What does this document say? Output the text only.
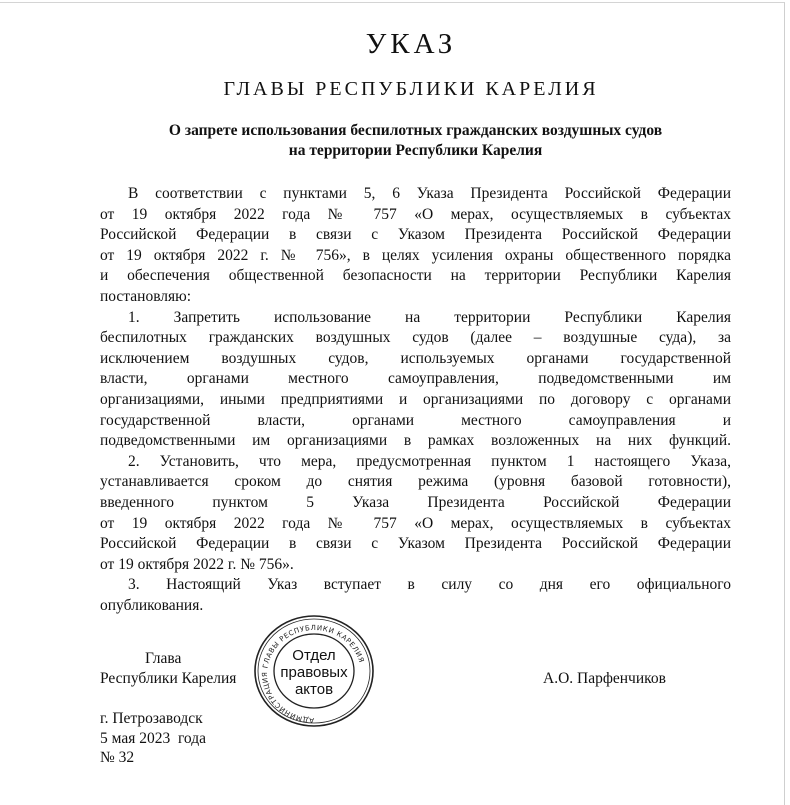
УКАЗ
ГЛАВЫ РЕСПУБЛИКИ КАРЕЛИЯ
О запрете использования беспилотных гражданских воздушных судов
на территории Республики Карелия
В соответствии с пунктами 5, 6 Указа Президента Российской Федерации
от 19 октября 2022 года № 757 «О мерах, осуществляемых в субъектах
Российской Федерации в связи с Указом Президента Российской Федерации
от 19 октября 2022 г. № 756», в целях усиления охраны общественного порядка
и обеспечения общественной безопасности на территории Республики Карелия
постановляю:
1. Запретить использование на территории Республики Карелия
беспилотных гражданских воздушных судов (далее – воздушные суда), за
исключением воздушных судов, используемых органами государственной
власти, органами местного самоуправления, подведомственными им
организациями, иными предприятиями и организациями по договору с органами
государственной власти, органами местного самоуправления и
подведомственными им организациями в рамках возложенных на них функций.
2. Установить, что мера, предусмотренная пунктом 1 настоящего Указа,
устанавливается сроком до снятия режима (уровня базовой готовности),
введенного пунктом 5 Указа Президента Российской Федерации
от 19 октября 2022 года № 757 «О мерах, осуществляемых в субъектах
Российской Федерации в связи с Указом Президента Российской Федерации
от 19 октября 2022 г. № 756».
3. Настоящий Указ вступает в силу со дня его официального
опубликования.
Глава
Республики Карелия	А.О. Парфенчиков
АДМИНИСТРАЦИЯ ГЛАВЫ РЕСПУБЛИКИ КАРЕЛИЯ
Отдел
правовых
актов
г. Петрозаводск
5 мая 2023  года
№ 32
